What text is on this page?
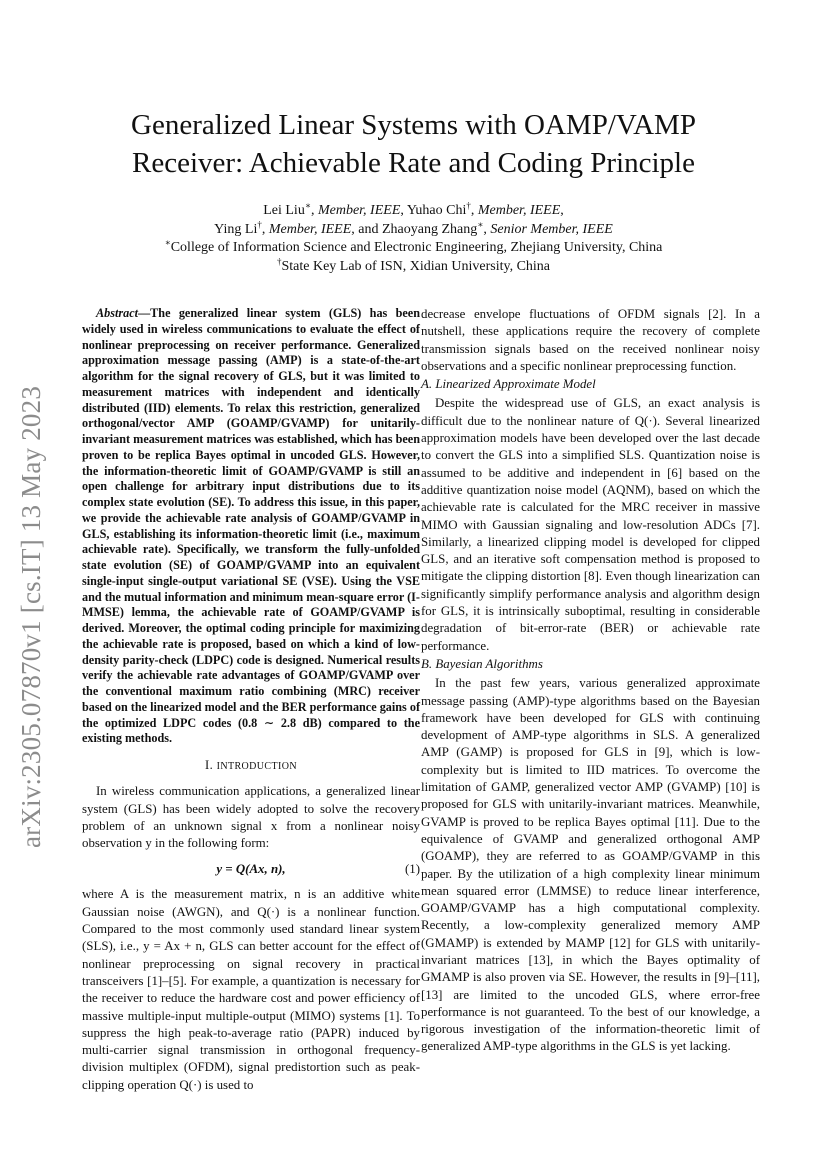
arXiv:2305.07870v1 [cs.IT] 13 May 2023
Generalized Linear Systems with OAMP/VAMP
Receiver: Achievable Rate and Coding Principle
Lei Liu∗, Member, IEEE, Yuhao Chi†, Member, IEEE,
Ying Li†, Member, IEEE, and Zhaoyang Zhang∗, Senior Member, IEEE
∗College of Information Science and Electronic Engineering, Zhejiang University, China
†State Key Lab of ISN, Xidian University, China

Abstract—The generalized linear system (GLS) has been widely used in wireless communications to evaluate the effect of nonlinear preprocessing on receiver performance. Generalized approximation message passing (AMP) is a state-of-the-art algorithm for the signal recovery of GLS, but it was limited to measurement matrices with independent and identically distributed (IID) elements. To relax this restriction, generalized orthogonal/vector AMP (GOAMP/GVAMP) for unitarily-invariant measurement matrices was established, which has been proven to be replica Bayes optimal in uncoded GLS. However, the information-theoretic limit of GOAMP/GVAMP is still an open challenge for arbitrary input distributions due to its complex state evolution (SE). To address this issue, in this paper, we provide the achievable rate analysis of GOAMP/GVAMP in GLS, establishing its information-theoretic limit (i.e., maximum achievable rate). Specifically, we transform the fully-unfolded state evolution (SE) of GOAMP/GVAMP into an equivalent single-input single-output variational SE (VSE). Using the VSE and the mutual information and minimum mean-square error (I-MMSE) lemma, the achievable rate of GOAMP/GVAMP is derived. Moreover, the optimal coding principle for maximizing the achievable rate is proposed, based on which a kind of low-density parity-check (LDPC) code is designed. Numerical results verify the achievable rate advantages of GOAMP/GVAMP over the conventional maximum ratio combining (MRC) receiver based on the linearized model and the BER performance gains of the optimized LDPC codes (0.8 ∼ 2.8 dB) compared to the existing methods.

I. INTRODUCTION

In wireless communication applications, a generalized linear system (GLS) has been widely adopted to solve the recovery problem of an unknown signal x from a nonlinear noisy observation y in the following form:

y = Q(Ax, n),	(1)

where A is the measurement matrix, n is an additive white Gaussian noise (AWGN), and Q(·) is a nonlinear function. Compared to the most commonly used standard linear system (SLS), i.e., y = Ax + n, GLS can better account for the effect of nonlinear preprocessing on signal recovery in practical transceivers [1]–[5]. For example, a quantization is necessary for the receiver to reduce the hardware cost and power efficiency of massive multiple-input multiple-output (MIMO) systems [1]. To suppress the high peak-to-average ratio (PAPR) induced by multi-carrier signal transmission in orthogonal frequency-division multiplex (OFDM), signal predistortion such as peak-clipping operation Q(·) is used to

decrease envelope fluctuations of OFDM signals [2]. In a nutshell, these applications require the recovery of complete transmission signals based on the received nonlinear noisy observations and a specific nonlinear preprocessing function.

A. Linearized Approximate Model

Despite the widespread use of GLS, an exact analysis is difficult due to the nonlinear nature of Q(·). Several linearized approximation models have been developed over the last decade to convert the GLS into a simplified SLS. Quantization noise is assumed to be additive and independent in [6] based on the additive quantization noise model (AQNM), based on which the achievable rate is calculated for the MRC receiver in massive MIMO with Gaussian signaling and low-resolution ADCs [7]. Similarly, a linearized clipping model is developed for clipped GLS, and an iterative soft compensation method is proposed to mitigate the clipping distortion [8]. Even though linearization can significantly simplify performance analysis and algorithm design for GLS, it is intrinsically suboptimal, resulting in considerable degradation of bit-error-rate (BER) or achievable rate performance.

B. Bayesian Algorithms

In the past few years, various generalized approximate message passing (AMP)-type algorithms based on the Bayesian framework have been developed for GLS with continuing development of AMP-type algorithms in SLS. A generalized AMP (GAMP) is proposed for GLS in [9], which is low-complexity but is limited to IID matrices. To overcome the limitation of GAMP, generalized vector AMP (GVAMP) [10] is proposed for GLS with unitarily-invariant matrices. Meanwhile, GVAMP is proved to be replica Bayes optimal [11]. Due to the equivalence of GVAMP and generalized orthogonal AMP (GOAMP), they are referred to as GOAMP/GVAMP in this paper. By the utilization of a high complexity linear minimum mean squared error (LMMSE) to reduce linear interference, GOAMP/GVAMP has a high computational complexity. Recently, a low-complexity generalized memory AMP (GMAMP) is extended by MAMP [12] for GLS with unitarily-invariant matrices [13], in which the Bayes optimality of GMAMP is also proven via SE. However, the results in [9]–[11], [13] are limited to the uncoded GLS, where error-free performance is not guaranteed. To the best of our knowledge, a rigorous investigation of the information-theoretic limit of generalized AMP-type algorithms in the GLS is yet lacking.
